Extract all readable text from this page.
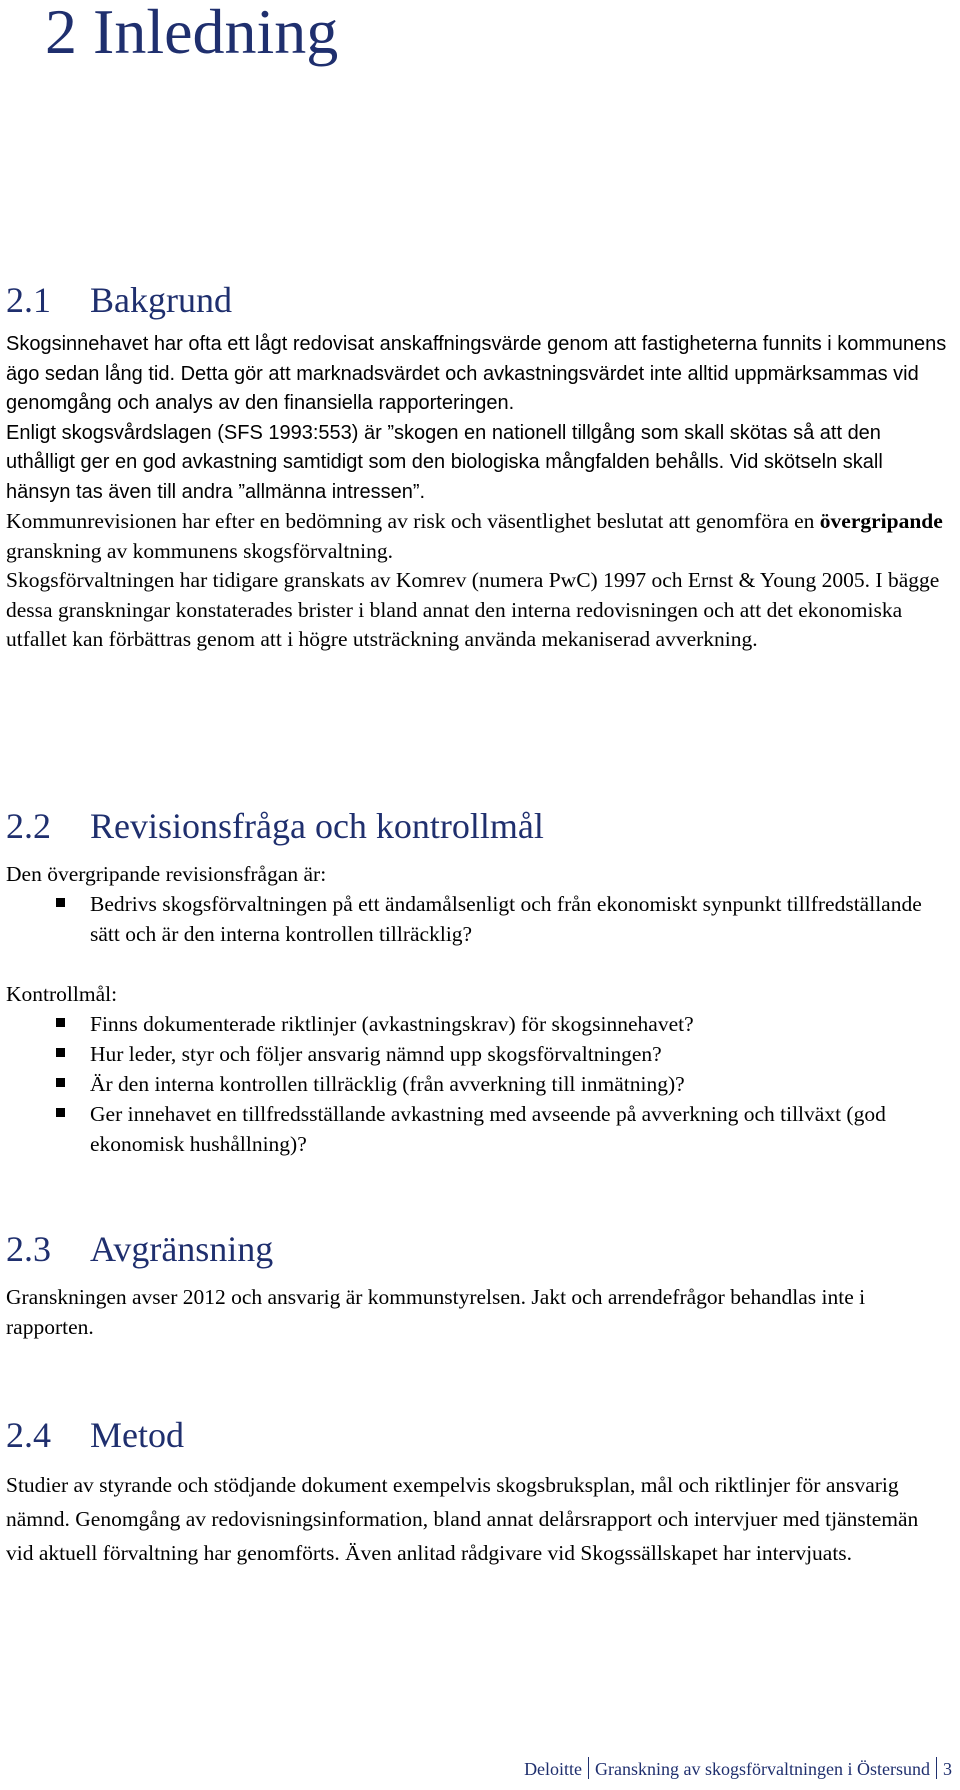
2 Inledning
2.1 Bakgrund

Skogsinnehavet har ofta ett lågt redovisat anskaffningsvärde genom att fastigheterna funnits i kommunens ägo sedan lång tid. Detta gör att marknadsvärdet och avkastningsvärdet inte alltid uppmärksammas vid genomgång och analys av den finansiella rapporteringen.

Enligt skogsvårdslagen (SFS 1993:553) är ”skogen en nationell tillgång som skall skötas så att den uthålligt ger en god avkastning samtidigt som den biologiska mångfalden behålls. Vid skötseln skall hänsyn tas även till andra ”allmänna intressen”.

Kommunrevisionen har efter en bedömning av risk och väsentlighet beslutat att genomföra en övergripande granskning av kommunens skogsförvaltning.

Skogsförvaltningen har tidigare granskats av Komrev (numera PwC) 1997 och Ernst & Young 2005. I bägge dessa granskningar konstaterades brister i bland annat den interna redovisningen och att det ekonomiska utfallet kan förbättras genom att i högre utsträckning använda mekaniserad avverkning.

2.2 Revisionsfråga och kontrollmål

Den övergripande revisionsfrågan är:

Bedrivs skogsförvaltningen på ett ändamålsenligt och från ekonomiskt synpunkt tillfredställande sätt och är den interna kontrollen tillräcklig?

Kontrollmål:

Finns dokumenterade riktlinjer (avkastningskrav) för skogsinnehavet?
Hur leder, styr och följer ansvarig nämnd upp skogsförvaltningen?
Är den interna kontrollen tillräcklig (från avverkning till inmätning)?
Ger innehavet en tillfredsställande avkastning med avseende på avverkning och tillväxt (god ekonomisk hushållning)?
2.3 Avgränsning

Granskningen avser 2012 och ansvarig är kommunstyrelsen. Jakt och arrendefrågor behandlas inte i rapporten.

2.4 Metod

Studier av styrande och stödjande dokument exempelvis skogsbruksplan, mål och riktlinjer för ansvarig nämnd. Genomgång av redovisningsinformation, bland annat delårsrapport och intervjuer med tjänstemän vid aktuell förvaltning har genomförts. Även anlitad rådgivare vid Skogssällskapet har intervjuats.

Deloitte Granskning av skogsförvaltningen i Östersund 3
